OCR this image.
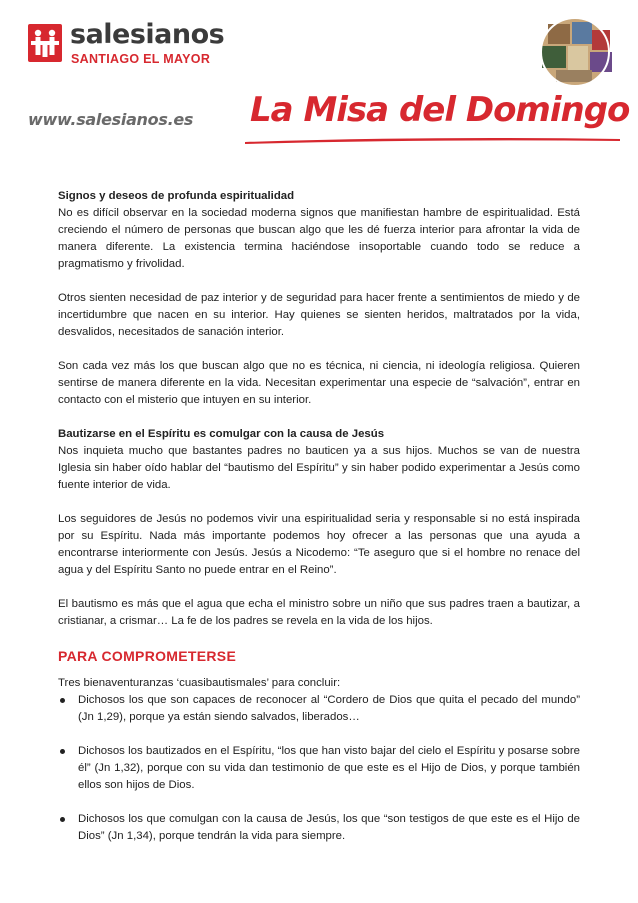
salesianos
SANTIAGO EL MAYOR
www.salesianos.es La Misa del Domingo

Signos y deseos de profunda espiritualidad
No es difícil observar en la sociedad moderna signos que manifiestan hambre de espiritualidad. Está creciendo el número de personas que buscan algo que les dé fuerza interior para afrontar la vida de manera diferente. La existencia termina haciéndose insoportable cuando todo se reduce a pragmatismo y frivolidad.

Otros sienten necesidad de paz interior y de seguridad para hacer frente a sentimientos de miedo y de incertidumbre que nacen en su interior. Hay quienes se sienten heridos, maltratados por la vida, desvalidos, necesitados de sanación interior.

Son cada vez más los que buscan algo que no es técnica, ni ciencia, ni ideología religiosa. Quieren sentirse de manera diferente en la vida. Necesitan experimentar una especie de “salvación”, entrar en contacto con el misterio que intuyen en su interior.

Bautizarse en el Espíritu es comulgar con la causa de Jesús
Nos inquieta mucho que bastantes padres no bauticen ya a sus hijos. Muchos se van de nuestra Iglesia sin haber oído hablar del “bautismo del Espíritu” y sin haber podido experimentar a Jesús como fuente interior de vida.

Los seguidores de Jesús no podemos vivir una espiritualidad seria y responsable si no está inspirada por su Espíritu. Nada más importante podemos hoy ofrecer a las personas que una ayuda a encontrarse interiormente con Jesús. Jesús a Nicodemo: “Te aseguro que si el hombre no renace del agua y del Espíritu Santo no puede entrar en el Reino”.

El bautismo es más que el agua que echa el ministro sobre un niño que sus padres traen a bautizar, a cristianar, a crismar… La fe de los padres se revela en la vida de los hijos.

PARA COMPROMETERSE

Tres bienaventuranzas ‘cuasibautismales’ para concluir:

Dichosos los que son capaces de reconocer al “Cordero de Dios que quita el pecado del mundo” (Jn 1,29), porque ya están siendo salvados, liberados…
Dichosos los bautizados en el Espíritu, “los que han visto bajar del cielo el Espíritu y posarse sobre él” (Jn 1,32), porque con su vida dan testimonio de que este es el Hijo de Dios, y porque también ellos son hijos de Dios.
Dichosos los que comulgan con la causa de Jesús, los que “son testigos de que este es el Hijo de Dios” (Jn 1,34), porque tendrán la vida para siempre.
